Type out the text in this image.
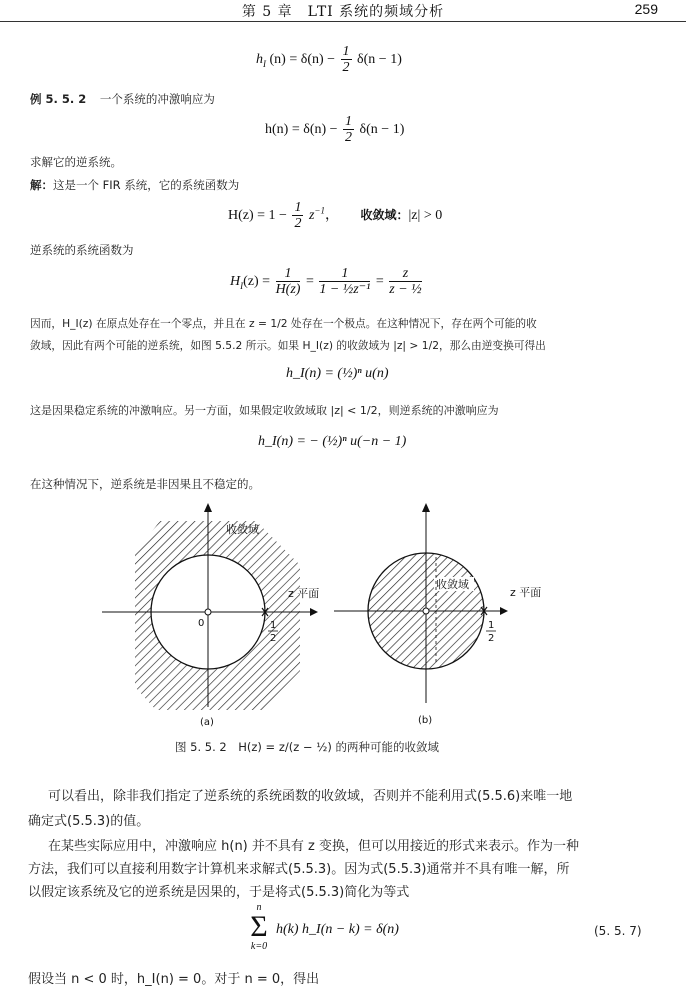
第 5 章　LTI 系统的频域分析	259
$h_I$ $(n) = \delta(n) - \frac{1}{2} \delta(n - 1)$
例 5. 5. 2 一个系统的冲激响应为
$h(n) = \delta(n) - \frac{1}{2} \delta(n - 1)$
求解它的逆系统。
解：这是一个 FIR 系统，它的系统函数为
$H(z) = 1 - \frac{1}{2} z^{-1}$， 收敛域：|z| > 0
逆系统的系统函数为
$H_I(z) = \frac{1}{H(z)} = \frac{1}{\text{1 − ½z⁻¹}} = \frac{z}{\text{z − ½}}$
因而，H_I(z) 在原点处存在一个零点，并且在 z = 1/2 处存在一个极点。在这种情况下，存在两个可能的收
敛域，因此有两个可能的逆系统，如图 5.5.2 所示。如果 H_I(z) 的收敛域为 |z| > 1/2，那么由逆变换可得出
h_I(n) = (½)ⁿ u(n)
这是因果稳定系统的冲激响应。另一方面，如果假定收敛域取 |z| < 1/2，则逆系统的冲激响应为
h_I(n) = − (½)ⁿ u(−n − 1)
在这种情况下，逆系统是非因果且不稳定的。
收敛域
z 平面
0	1
2
(a)
收敛域
z 平面
1
2
(b)
图 5. 5. 2　H(z) = z/(z − ½) 的两种可能的收敛域
可以看出，除非我们指定了逆系统的系统函数的收敛域，否则并不能利用式(5.5.6)来唯一地
确定式(5.5.3)的值。
在某些实际应用中，冲激响应 h(n) 并不具有 z 变换，但可以用接近的形式来表示。作为一种
方法，我们可以直接利用数字计算机来求解式(5.5.3)。因为式(5.5.3)通常并不具有唯一解，所
以假定该系统及它的逆系统是因果的，于是将式(5.5.3)简化为等式
n
Σ
k=0
h(k) h_I(n − k) = δ(n)	(5. 5. 7)
假设当 n < 0 时，h_I(n) = 0。对于 n = 0，得出
